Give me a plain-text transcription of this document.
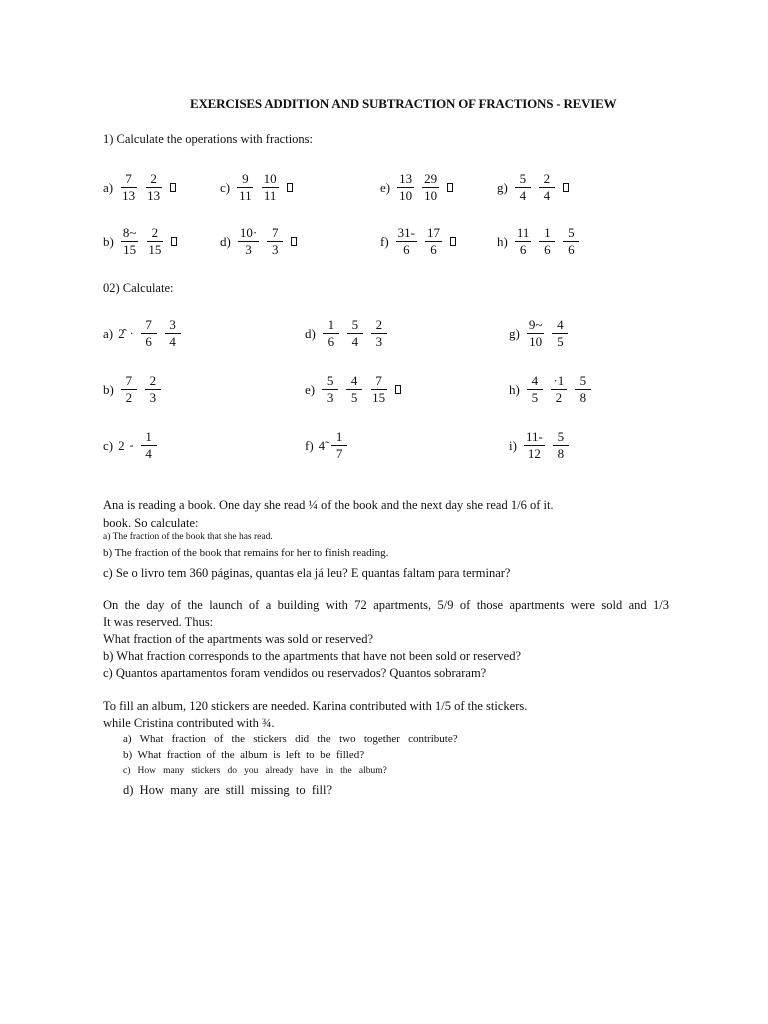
EXERCISES ADDITION AND SUBTRACTION OF FRACTIONS - REVIEW
1) Calculate the operations with fractions:
$a) \frac{7}{13} \frac{2}{13}$	$c) \frac{9}{11} \frac{10}{11}$	$e) \frac{13}{10} \frac{29}{10}$	$g) \frac{5}{4} \frac{2}{4}$
$b) \frac{8\sim}{15} \frac{2}{15}$	$d) \frac{10\cdot}{3} \frac{7}{3}$	$f) \frac{31-}{6} \frac{17}{6}$	$h) \frac{11}{6} \frac{1}{6} \frac{5}{6}$
02) Calculate:
a) 2̂ · $\frac{7}{6} \frac{3}{4}$	$d) \frac{1}{6} \frac{5}{4} \frac{2}{3}$	$g) \frac{9\sim}{10} \frac{4}{5}$
$b) \frac{7}{2} \frac{2}{3}$	$e) \frac{5}{3} \frac{4}{5} \frac{7}{15}$	$h) \frac{4}{5} \frac{\cdot 1}{2} \frac{5}{8}$
c) $2 - \frac{1}{4}$	f) 4̃ $\frac{1}{7}$	$i) \frac{11-}{12} \frac{5}{8}$
Ana is reading a book. One day she read ¼ of the book and the next day she read 1/6 of it.
book. So calculate:
a) The fraction of the book that she has read.
b) The fraction of the book that remains for her to finish reading.
c) Se o livro tem 360 páginas, quantas ela já leu? E quantas faltam para terminar?
On the day of the launch of a building with 72 apartments, 5/9 of those apartments were sold and 1/3
It was reserved. Thus:
What fraction of the apartments was sold or reserved?
b) What fraction corresponds to the apartments that have not been sold or reserved?
c) Quantos apartamentos foram vendidos ou reservados? Quantos sobraram?
To fill an album, 120 stickers are needed. Karina contributed with 1/5 of the stickers.
while Cristina contributed with ¾.
a)   What   fraction   of   the   stickers   did   the   two   together   contribute?
b)  What  fraction  of  the  album  is  left  to  be  filled?
c)   How   many   stickers   do   you   already   have   in   the   album?
d)  How  many  are  still  missing  to  fill?
